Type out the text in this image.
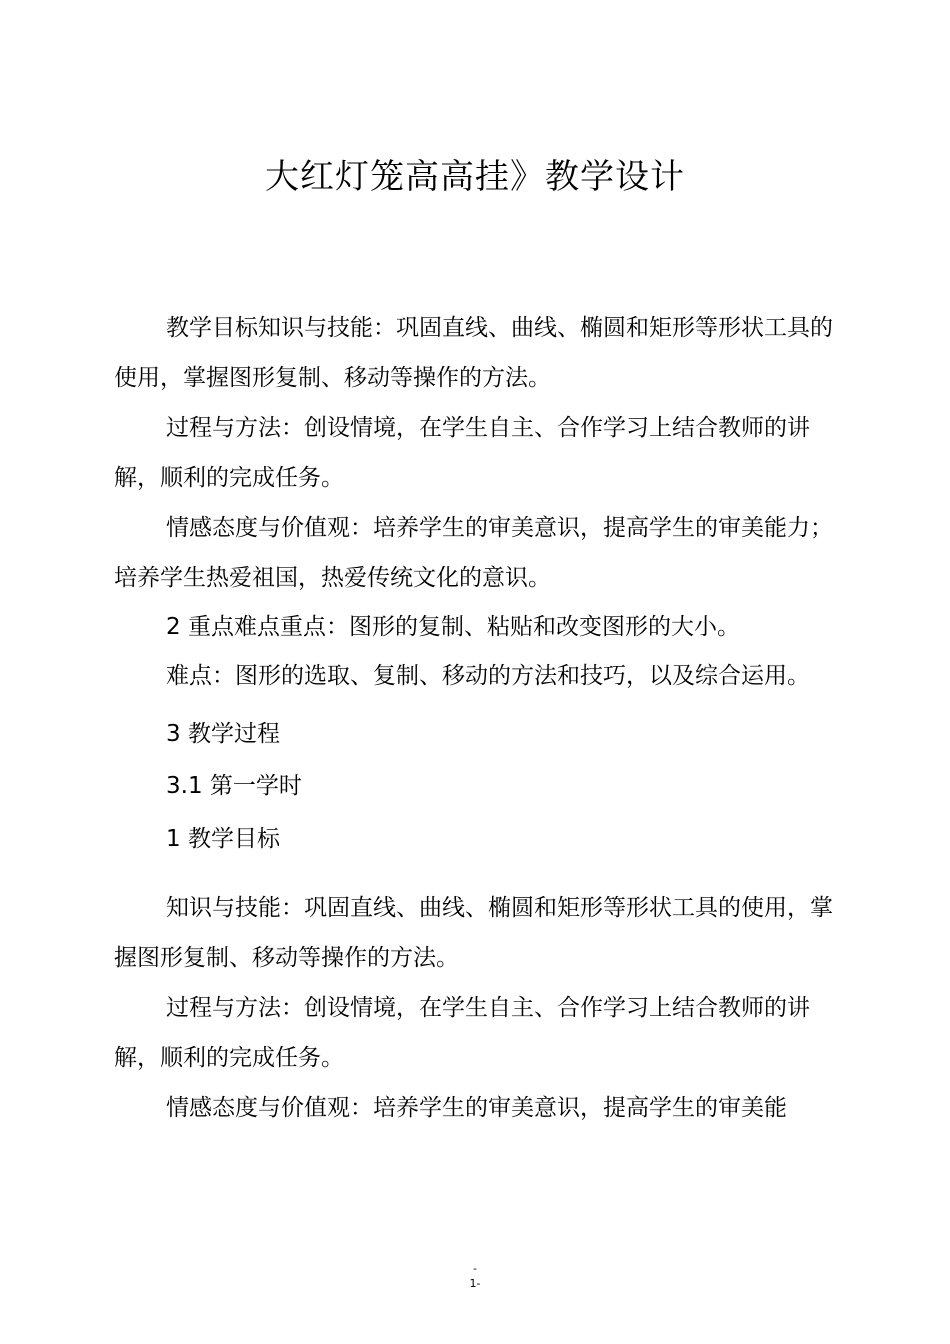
大红灯笼高高挂》教学设计
教学目标知识与技能：巩固直线、曲线、椭圆和矩形等形状工具的使用，掌握图形复制、移动等操作的方法。
过程与方法：创设情境，在学生自主、合作学习上结合教师的讲解，顺利的完成任务。
情感态度与价值观：培养学生的审美意识，提高学生的审美能力；培养学生热爱祖国，热爱传统文化的意识。
2 重点难点重点：图形的复制、粘贴和改变图形的大小。
难点：图形的选取、复制、移动的方法和技巧，以及综合运用。
3 教学过程
3.1 第一学时
1 教学目标
知识与技能：巩固直线、曲线、椭圆和矩形等形状工具的使用，掌握图形复制、移动等操作的方法。
过程与方法：创设情境，在学生自主、合作学习上结合教师的讲解，顺利的完成任务。
情感态度与价值观：培养学生的审美意识，提高学生的审美能
-
1-
